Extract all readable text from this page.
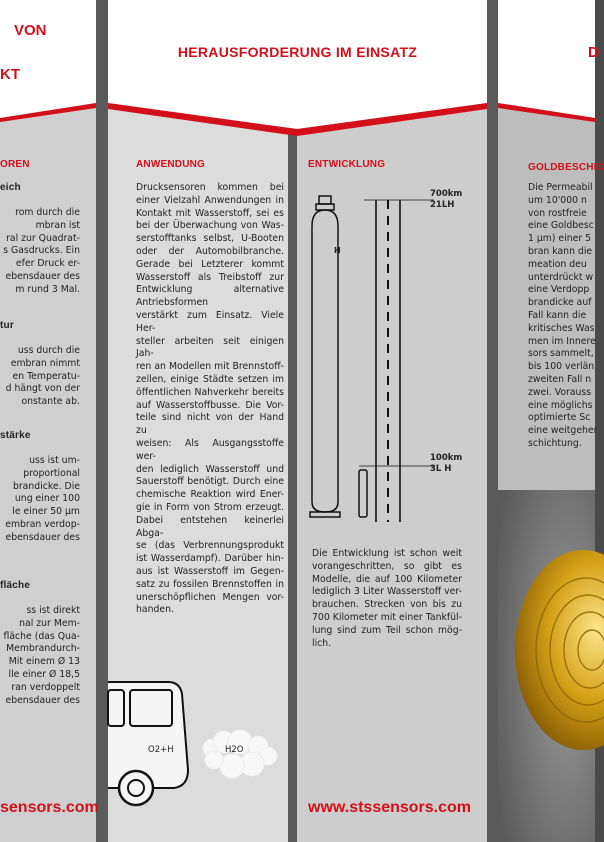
VON
KT
OREN
eich
rom durch die
mbran ist
ral zur Quadrat-
s Gasdrucks. Ein
efer Druck er-
ebensdauer des
m rund 3 Mal.
tur
uss durch die
embran nimmt
en Temperatu-
d hängt von der
onstante ab.
stärke
uss ist um-
proportional
brandicke. Die
ung einer 100
le einer 50 µm
embran verdop-
ebensdauer des
fläche
ss ist direkt
nal zur Mem-
fläche (das Qua-
Membrandurch-
Mit einem Ø 13
lle einer Ø 18,5
ran verdoppelt
ebensdauer des
sensors.com
HERAUSFORDERUNG IM EINSATZ
ANWENDUNG
Drucksensoren kommen bei
einer Vielzahl Anwendungen in
Kontakt mit Wasserstoff, sei es
bei der Überwachung von Was-
serstofftanks selbst, U-Booten
oder der Automobilbranche.
Gerade bei Letzterer kommt
Wasserstoff als Treibstoff zur
Entwicklung alternative Antriebsformen
verstärkt zum Einsatz. Viele Her-
steller arbeiten seit einigen Jah-
ren an Modellen mit Brennstoff-
zellen, einige Städte setzen im
öffentlichen Nahverkehr bereits
auf Wasserstoffbusse. Die Vor-
teile sind nicht von der Hand zu
weisen: Als Ausgangsstoffe wer-
den lediglich Wasserstoff und
Sauerstoff benötigt. Durch eine
chemische Reaktion wird Ener-
gie in Form von Strom erzeugt.
Dabei entstehen keinerlei Abga-
se (das Verbrennungsprodukt
ist Wasserdampf). Darüber hin-
aus ist Wasserstoff im Gegen-
satz zu fossilen Brennstoffen in
unerschöpflichen Mengen vor-
handen.
O2+H	H2O
ENTWICKLUNG
H
700km
21LH
100km
3L H
Die Entwicklung ist schon weit
vorangeschritten, so gibt es
Modelle, die auf 100 Kilometer
lediglich 3 Liter Wasserstoff ver-
brauchen. Strecken von bis zu
700 Kilometer mit einer Tankfül-
lung sind zum Teil schon mög-
lich.
www.stssensors.com
D
GOLDBESCHIC
Die Permeabil
um 10'000 n
von rostfreie
eine Goldbesc
1 µm) einer 5
bran kann die
meation deu
unterdrückt w
eine Verdopp
brandicke auf
Fall kann die
kritisches Was
men im Innere
sors sammelt,
bis 100 verlän
zweiten Fall n
zwei. Vorauss
eine möglichs
optimierte Sc
eine weitgeher
schichtung.
